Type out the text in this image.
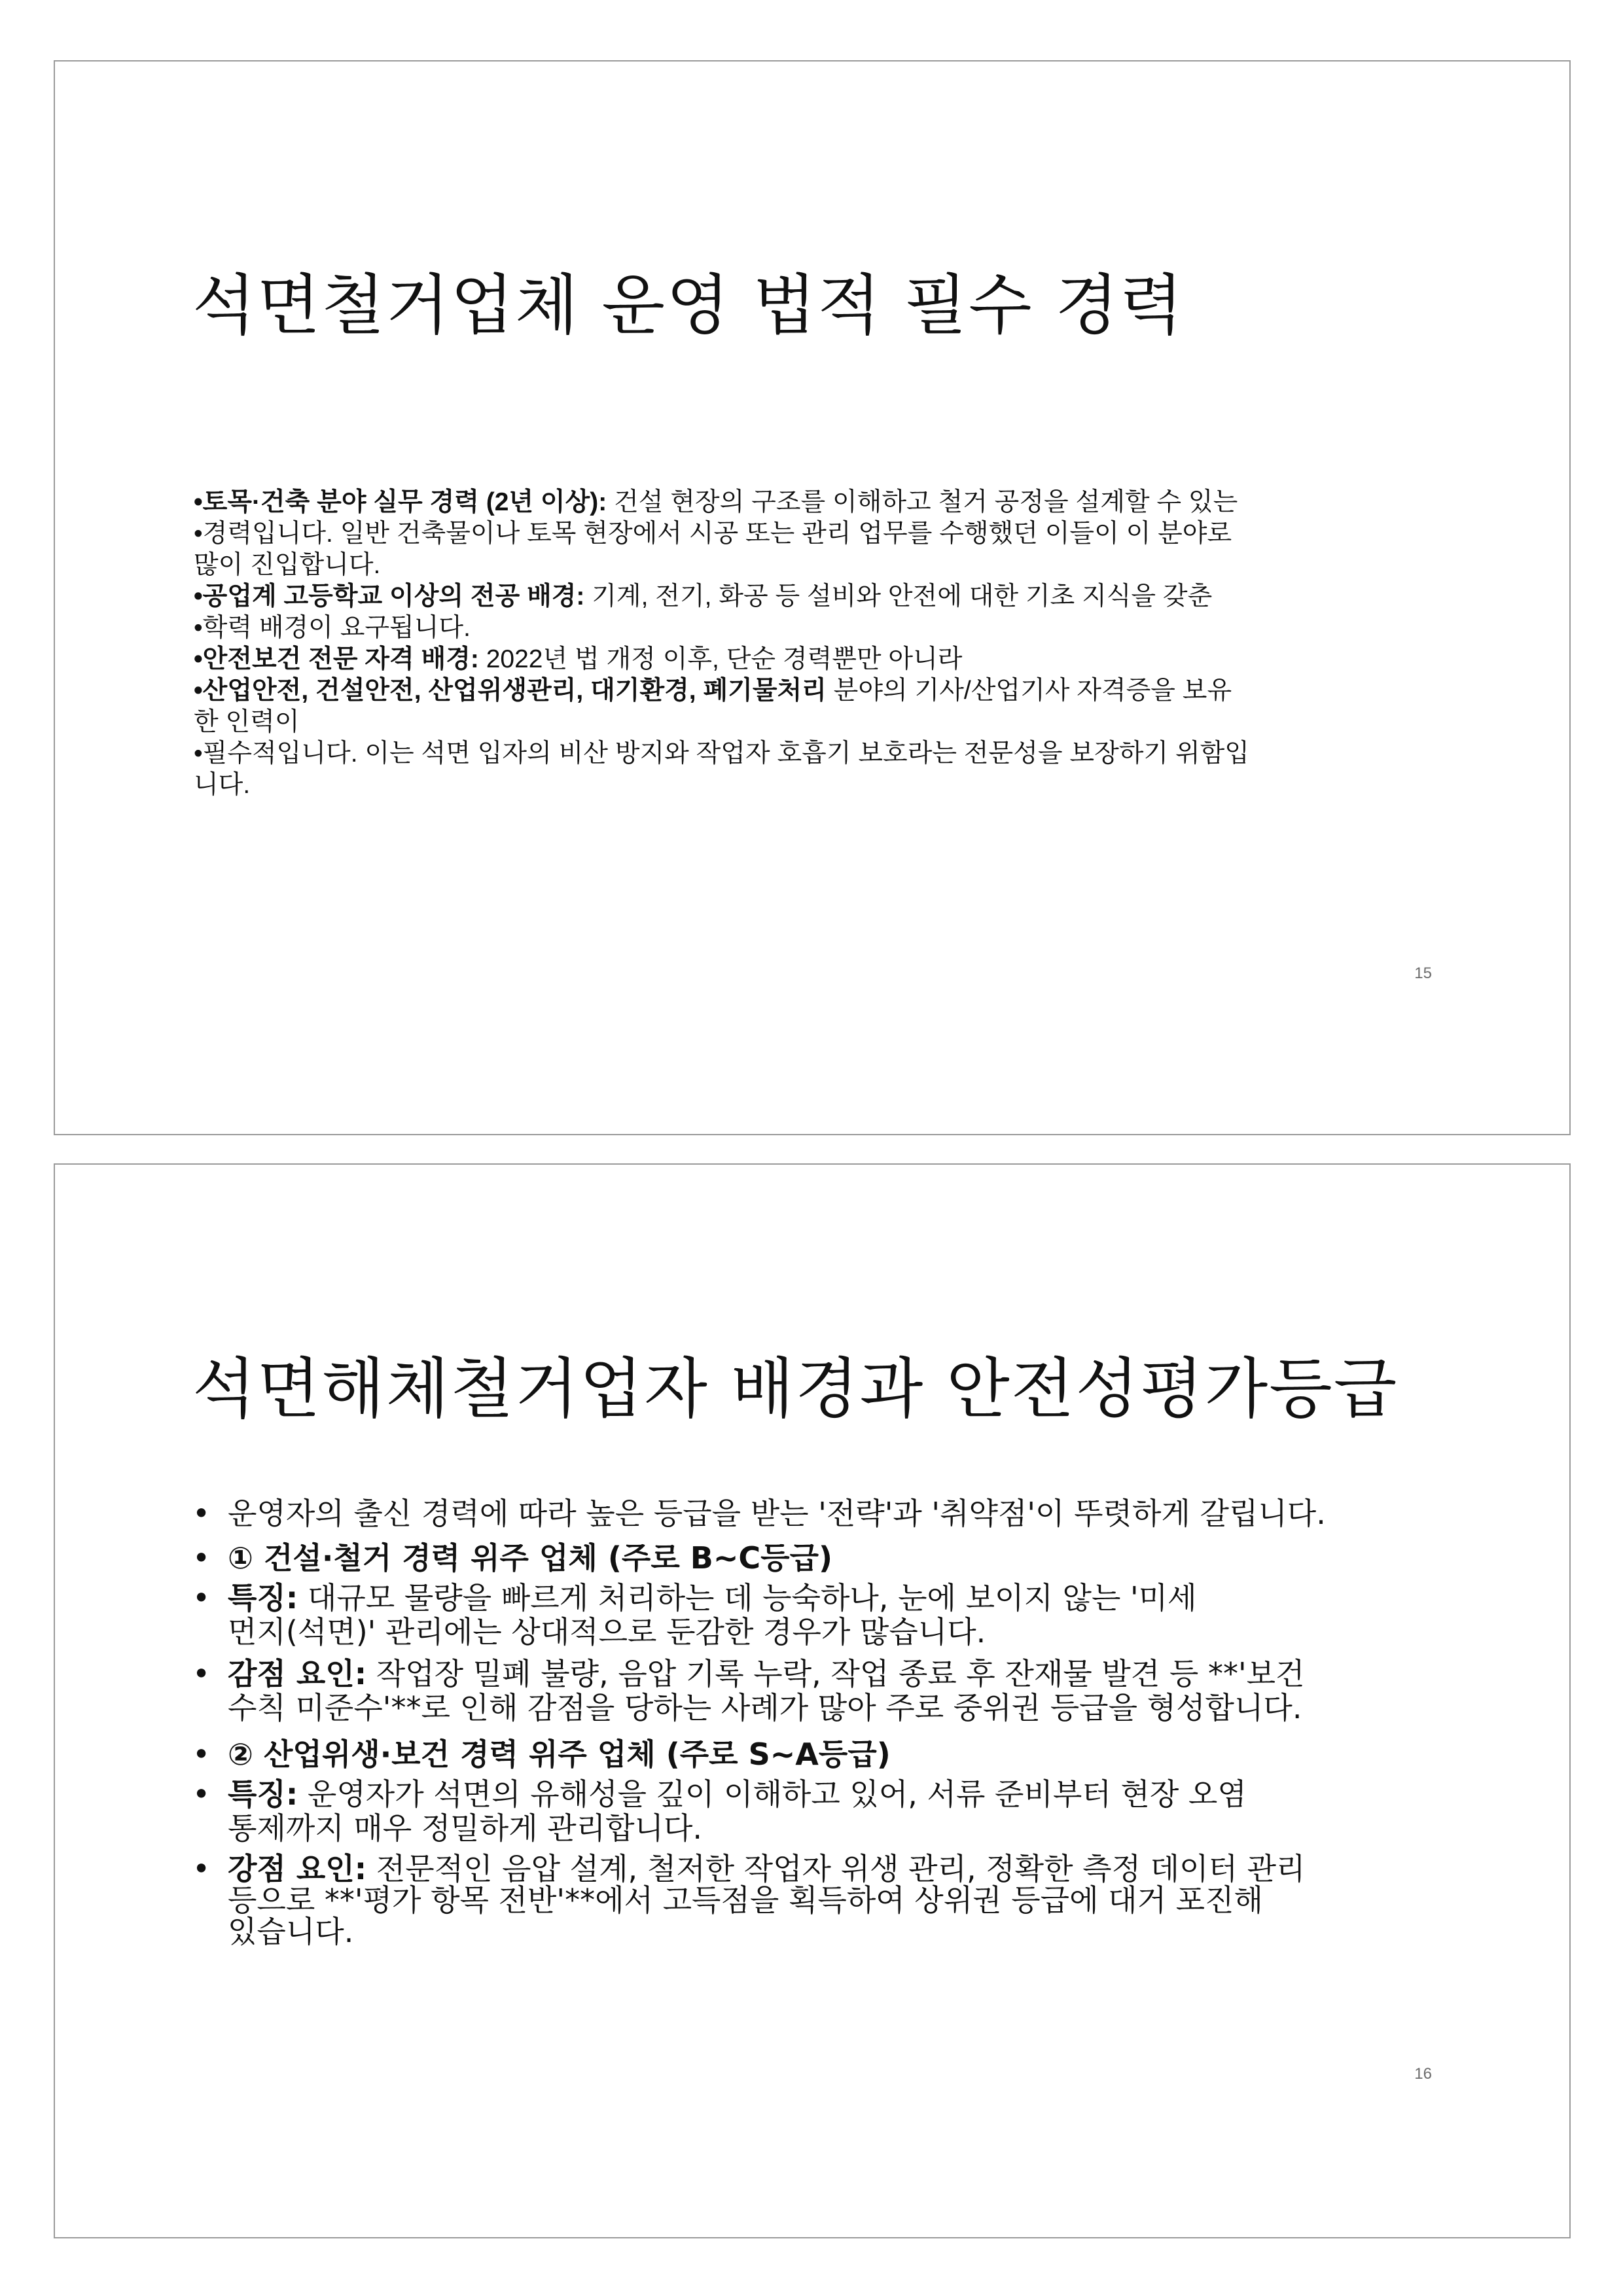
석면철거업체 운영 법적 필수 경력

•토목·건축 분야 실무 경력 (2년 이상): 건설 현장의 구조를 이해하고 철거 공정을 설계할 수 있는

•경력입니다. 일반 건축물이나 토목 현장에서 시공 또는 관리 업무를 수행했던 이들이 이 분야로

많이 진입합니다.

•공업계 고등학교 이상의 전공 배경: 기계, 전기, 화공 등 설비와 안전에 대한 기초 지식을 갖춘

•학력 배경이 요구됩니다.

•안전보건 전문 자격 배경: 2022년 법 개정 이후, 단순 경력뿐만 아니라

•산업안전, 건설안전, 산업위생관리, 대기환경, 폐기물처리 분야의 기사/산업기사 자격증을 보유

한 인력이

•필수적입니다. 이는 석면 입자의 비산 방지와 작업자 호흡기 보호라는 전문성을 보장하기 위함입

니다.

15
석면해체철거업자 배경과 안전성평가등급
• 운영자의 출신 경력에 따라 높은 등급을 받는 '전략'과 '취약점'이 뚜렷하게 갈립니다.
• ① 건설·철거 경력 위주 업체 (주로 B~C등급)
• 특징: 대규모 물량을 빠르게 처리하는 데 능숙하나, 눈에 보이지 않는 '미세
먼지(석면)' 관리에는 상대적으로 둔감한 경우가 많습니다.
• 감점 요인: 작업장 밀폐 불량, 음압 기록 누락, 작업 종료 후 잔재물 발견 등 **'보건
수칙 미준수'**로 인해 감점을 당하는 사례가 많아 주로 중위권 등급을 형성합니다.
• ② 산업위생·보건 경력 위주 업체 (주로 S~A등급)
• 특징: 운영자가 석면의 유해성을 깊이 이해하고 있어, 서류 준비부터 현장 오염
통제까지 매우 정밀하게 관리합니다.
• 강점 요인: 전문적인 음압 설계, 철저한 작업자 위생 관리, 정확한 측정 데이터 관리
등으로 **'평가 항목 전반'**에서 고득점을 획득하여 상위권 등급에 대거 포진해
있습니다.
16
